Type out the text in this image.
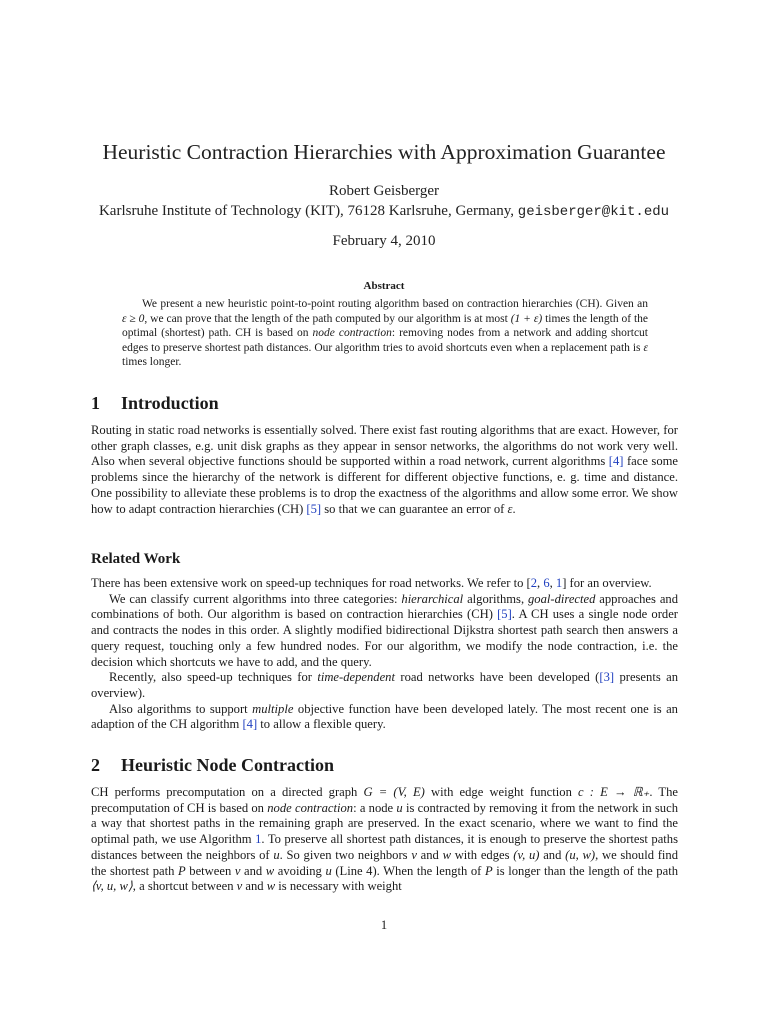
Heuristic Contraction Hierarchies with Approximation Guarantee
Robert Geisberger
Karlsruhe Institute of Technology (KIT), 76128 Karlsruhe, Germany, geisberger@kit.edu
February 4, 2010
Abstract
We present a new heuristic point-to-point routing algorithm based on contraction hierarchies (CH). Given an ε ≥ 0, we can prove that the length of the path computed by our algorithm is at most (1 + ε) times the length of the optimal (shortest) path. CH is based on node contraction: removing nodes from a network and adding shortcut edges to preserve shortest path distances. Our algorithm tries to avoid shortcuts even when a replacement path is ε times longer.
1 Introduction
Routing in static road networks is essentially solved. There exist fast routing algorithms that are exact. However, for other graph classes, e.g. unit disk graphs as they appear in sensor networks, the algorithms do not work very well. Also when several objective functions should be supported within a road network, current algorithms [4] face some problems since the hierarchy of the network is different for different objective functions, e. g. time and distance. One possibility to alleviate these problems is to drop the exactness of the algorithms and allow some error. We show how to adapt contraction hierarchies (CH) [5] so that we can guarantee an error of ε.
Related Work
There has been extensive work on speed-up techniques for road networks. We refer to [2, 6, 1] for an overview.
We can classify current algorithms into three categories: hierarchical algorithms, goal-directed approaches and combinations of both. Our algorithm is based on contraction hierarchies (CH) [5]. A CH uses a single node order and contracts the nodes in this order. A slightly modified bidirectional Dijkstra shortest path search then answers a query request, touching only a few hundred nodes. For our algorithm, we modify the node contraction, i.e. the decision which shortcuts we have to add, and the query.
Recently, also speed-up techniques for time-dependent road networks have been developed ([3] presents an overview).
Also algorithms to support multiple objective function have been developed lately. The most recent one is an adaption of the CH algorithm [4] to allow a flexible query.
2 Heuristic Node Contraction
CH performs precomputation on a directed graph G = (V, E) with edge weight function c : E → ℝ₊. The precomputation of CH is based on node contraction: a node u is contracted by removing it from the network in such a way that shortest paths in the remaining graph are preserved. In the exact scenario, where we want to find the optimal path, we use Algorithm 1. To preserve all shortest path distances, it is enough to preserve the shortest paths distances between the neighbors of u. So given two neighbors v and w with edges (v, u) and (u, w), we should find the shortest path P between v and w avoiding u (Line 4). When the length of P is longer than the length of the path ⟨v, u, w⟩, a shortcut between v and w is necessary with weight
1
